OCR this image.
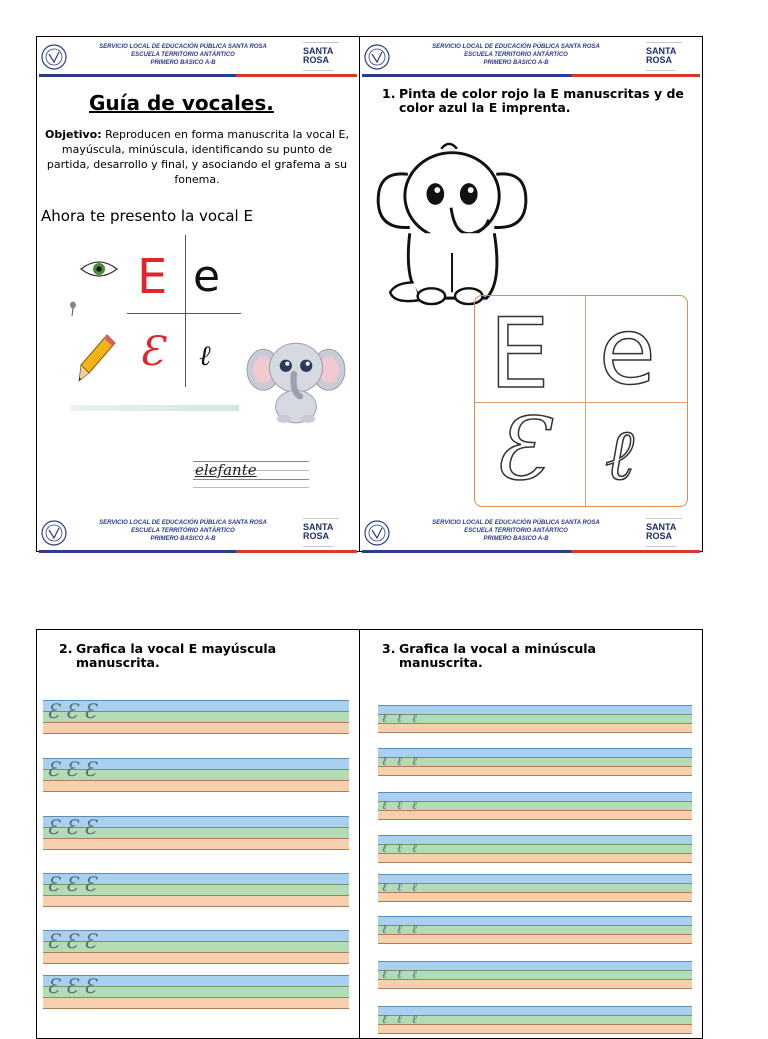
SERVICIO LOCAL DE EDUCACIÓN PÚBLICA SANTA ROSA
ESCUELA TERRITORIO ANTÁRTICO
PRIMERO BASICO A-B
SANTA
ROSA
Guía de vocales.
Objetivo: Reproducen en forma manuscrita la vocal E, mayúscula, minúscula, identificando su punto de partida, desarrollo y final, y asociando el grafema a su fonema.
Ahora te presento la vocal E
E e
Ɛ ℓ
elefante
SERVICIO LOCAL DE EDUCACIÓN PÚBLICA SANTA ROSA
ESCUELA TERRITORIO ANTÁRTICO
PRIMERO BASICO A-B
SANTA
ROSA
SERVICIO LOCAL DE EDUCACIÓN PÚBLICA SANTA ROSA
ESCUELA TERRITORIO ANTÁRTICO
PRIMERO BASICO A-B
SANTA
ROSA
1. Pinta de color rojo la E manuscritas y de color azul la E imprenta.
E e
Ɛ ℓ
SERVICIO LOCAL DE EDUCACIÓN PÚBLICA SANTA ROSA
ESCUELA TERRITORIO ANTÁRTICO
PRIMERO BASICO A-B
SANTA
ROSA
2. Grafica la vocal E mayúscula manuscrita.
ƐƐƐ
ƐƐƐ
ƐƐƐ
ƐƐƐ
ƐƐƐ
ƐƐƐ
3. Grafica la vocal a minúscula manuscrita.
ℓℓℓ
ℓℓℓ
ℓℓℓ
ℓℓℓ
ℓℓℓ
ℓℓℓ
ℓℓℓ
ℓℓℓ
